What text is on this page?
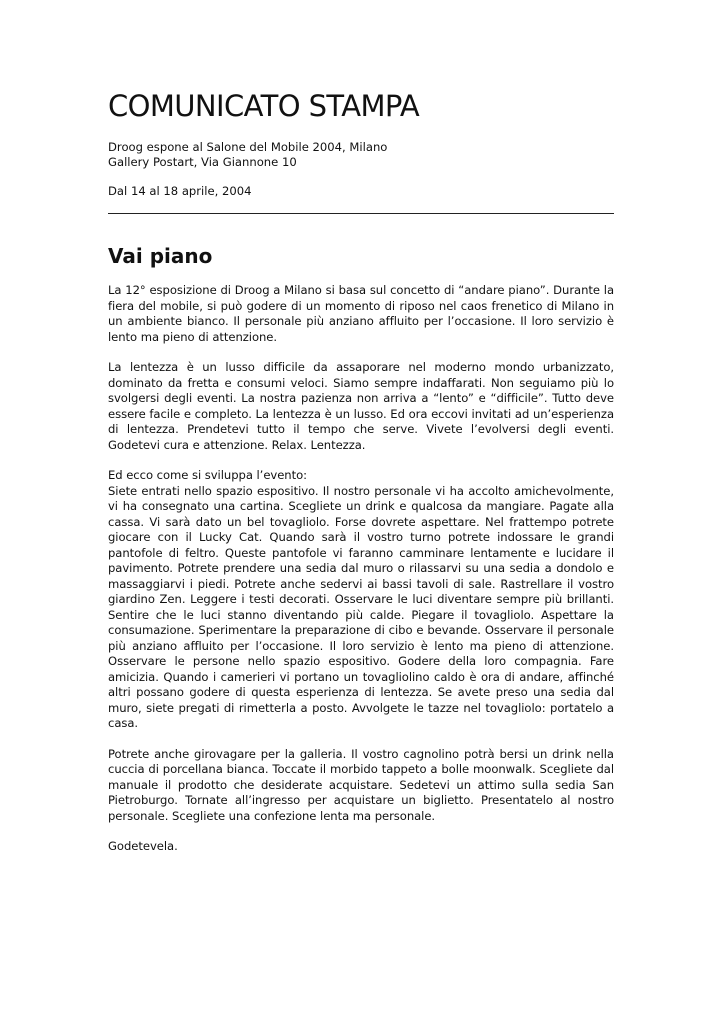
COMUNICATO STAMPA
Droog espone al Salone del Mobile 2004, Milano
Gallery Postart, Via Giannone 10
Dal 14 al 18 aprile, 2004
Vai piano

La 12° esposizione di Droog a Milano si basa sul concetto di “andare piano”. Durante la fiera del mobile, si può godere di un momento di riposo nel caos frenetico di Milano in un ambiente bianco. Il personale più anziano affluito per l’occasione. Il loro servizio è lento ma pieno di attenzione.

La lentezza è un lusso difficile da assaporare nel moderno mondo urbanizzato, dominato da fretta e consumi veloci. Siamo sempre indaffarati. Non seguiamo più lo svolgersi degli eventi. La nostra pazienza non arriva a “lento” e “difficile”. Tutto deve essere facile e completo. La lentezza è un lusso. Ed ora eccovi invitati ad un’esperienza di lentezza. Prendetevi tutto il tempo che serve. Vivete l’evolversi degli eventi. Godetevi cura e attenzione. Relax. Lentezza.

Ed ecco come si sviluppa l’evento:
Siete entrati nello spazio espositivo. Il nostro personale vi ha accolto amichevolmente, vi ha consegnato una cartina. Scegliete un drink e qualcosa da mangiare. Pagate alla cassa. Vi sarà dato un bel tovagliolo. Forse dovrete aspettare. Nel frattempo potrete giocare con il Lucky Cat. Quando sarà il vostro turno potrete indossare le grandi pantofole di feltro. Queste pantofole vi faranno camminare lentamente e lucidare il pavimento. Potrete prendere una sedia dal muro o rilassarvi su una sedia a dondolo e massaggiarvi i piedi. Potrete anche sedervi ai bassi tavoli di sale. Rastrellare il vostro giardino Zen. Leggere i testi decorati. Osservare le luci diventare sempre più brillanti. Sentire che le luci stanno diventando più calde. Piegare il tovagliolo. Aspettare la consumazione. Sperimentare la preparazione di cibo e bevande. Osservare il personale più anziano affluito per l’occasione. Il loro servizio è lento ma pieno di attenzione. Osservare le persone nello spazio espositivo. Godere della loro compagnia. Fare amicizia. Quando i camerieri vi portano un tovagliolino caldo è ora di andare, affinché altri possano godere di questa esperienza di lentezza. Se avete preso una sedia dal muro, siete pregati di rimetterla a posto. Avvolgete le tazze nel tovagliolo: portatelo a casa.

Potrete anche girovagare per la galleria. Il vostro cagnolino potrà bersi un drink nella cuccia di porcellana bianca. Toccate il morbido tappeto a bolle moonwalk. Scegliete dal manuale il prodotto che desiderate acquistare. Sedetevi un attimo sulla sedia San Pietroburgo. Tornate all’ingresso per acquistare un biglietto. Presentatelo al nostro personale. Scegliete una confezione lenta ma personale.

Godetevela.
